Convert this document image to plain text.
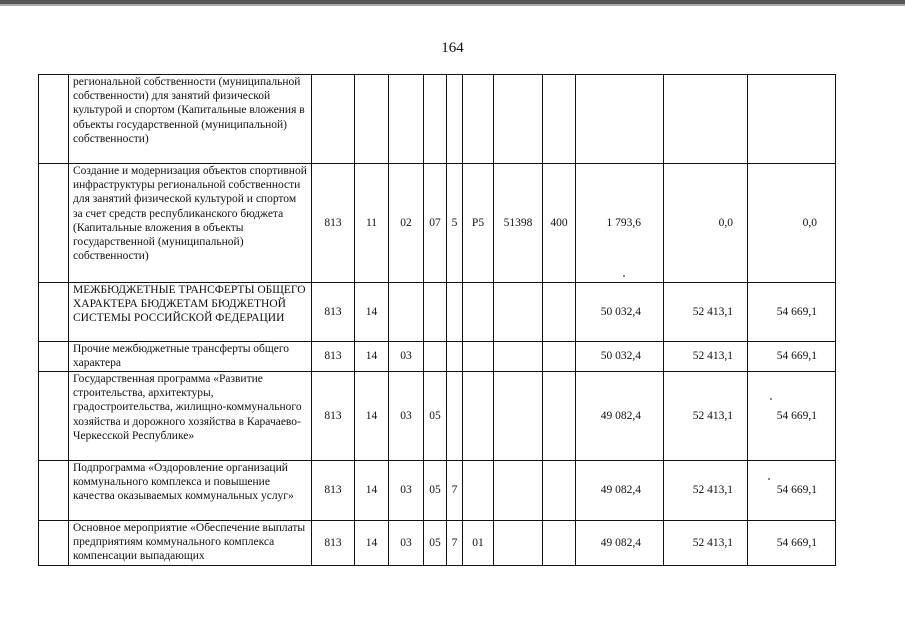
164
	региональной собственности (муниципальной собственности) для занятий физической культурой и спортом (Капитальные вложения в объекты государственной (муниципальной) собственности)											
	Создание и модернизация объектов спортивной инфраструктуры региональной собственности для занятий физической культурой и спортом за счет средств республиканского бюджета (Капитальные вложения в объекты государственной (муниципальной) собственности)	813	11	02	07	5	P5	51398	400	1 793,6	0,0	0,0
	МЕЖБЮДЖЕТНЫЕ ТРАНСФЕРТЫ ОБЩЕГО ХАРАКТЕРА БЮДЖЕТАМ БЮДЖЕТНОЙ СИСТЕМЫ РОССИЙСКОЙ ФЕДЕРАЦИИ	813	14							50 032,4	52 413,1	54 669,1
	Прочие межбюджетные трансферты общего характера	813	14	03						50 032,4	52 413,1	54 669,1
	Государственная программа «Развитие строительства, архитектуры, градостроительства, жилищно-коммунального хозяйства и дорожного хозяйства в Карачаево-Черкесской Республике»	813	14	03	05					49 082,4	52 413,1	54 669,1
	Подпрограмма «Оздоровление организаций коммунального комплекса и повышение качества оказываемых коммунальных услуг»	813	14	03	05	7				49 082,4	52 413,1	54 669,1
	Основное мероприятие «Обеспечение выплаты предприятиям коммунального комплекса компенсации выпадающих	813	14	03	05	7	01			49 082,4	52 413,1	54 669,1
